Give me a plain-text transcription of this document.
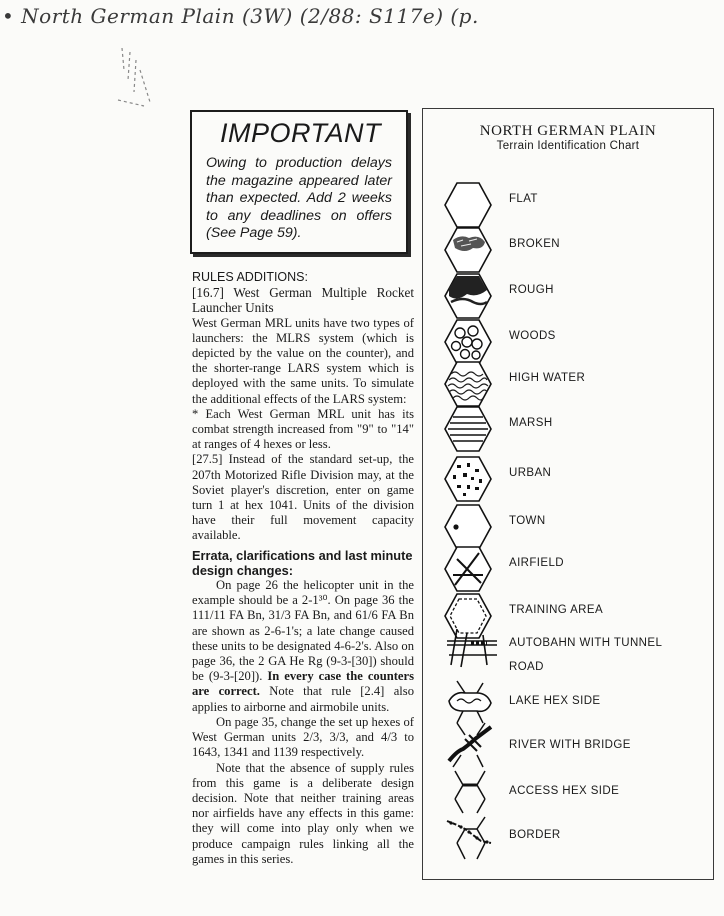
• North German Plain (3W) (2/88: S117e) (p.
IMPORTANT

Owing to production delays the magazine appeared later than expected. Add 2 weeks to any deadlines on offers (See Page 59).

RULES ADDITIONS:

[16.7] West German Multiple Rocket Launcher Units

West German MRL units have two types of launchers: the MLRS system (which is depicted by the value on the counter), and the shorter-range LARS system which is deployed with the same units. To simulate the additional effects of the LARS system:

* Each West German MRL unit has its combat strength increased from "9" to "14" at ranges of 4 hexes or less.

[27.5] Instead of the standard set-up, the 207th Motorized Rifle Division may, at the Soviet player's discretion, enter on game turn 1 at hex 1041. Units of the division have their full movement capacity available.

Errata, clarifications and last minute design changes:

On page 26 the helicopter unit in the example should be a 2-1³⁰. On page 36 the 111/11 FA Bn, 31/3 FA Bn, and 61/6 FA Bn are shown as 2-6-1's; a late change caused these units to be designated 4-6-2's. Also on page 36, the 2 GA He Rg (9-3-[30]) should be (9-3-[20]). In every case the counters are correct. Note that rule [2.4] also applies to airborne and airmobile units.

On page 35, change the set up hexes of West German units 2/3, 3/3, and 4/3 to 1643, 1341 and 1139 respectively.

Note that the absence of supply rules from this game is a deliberate design decision. Note that neither training areas nor airfields have any effects in this game: they will come into play only when we produce campaign rules linking all the games in this series.

NORTH GERMAN PLAIN
Terrain Identification Chart
FLAT
BROKEN
ROUGH
WOODS
HIGH WATER
MARSH
URBAN
TOWN
AIRFIELD
TRAINING AREA
AUTOBAHN WITH TUNNEL
ROAD
LAKE HEX SIDE
RIVER WITH BRIDGE
ACCESS HEX SIDE
BORDER
